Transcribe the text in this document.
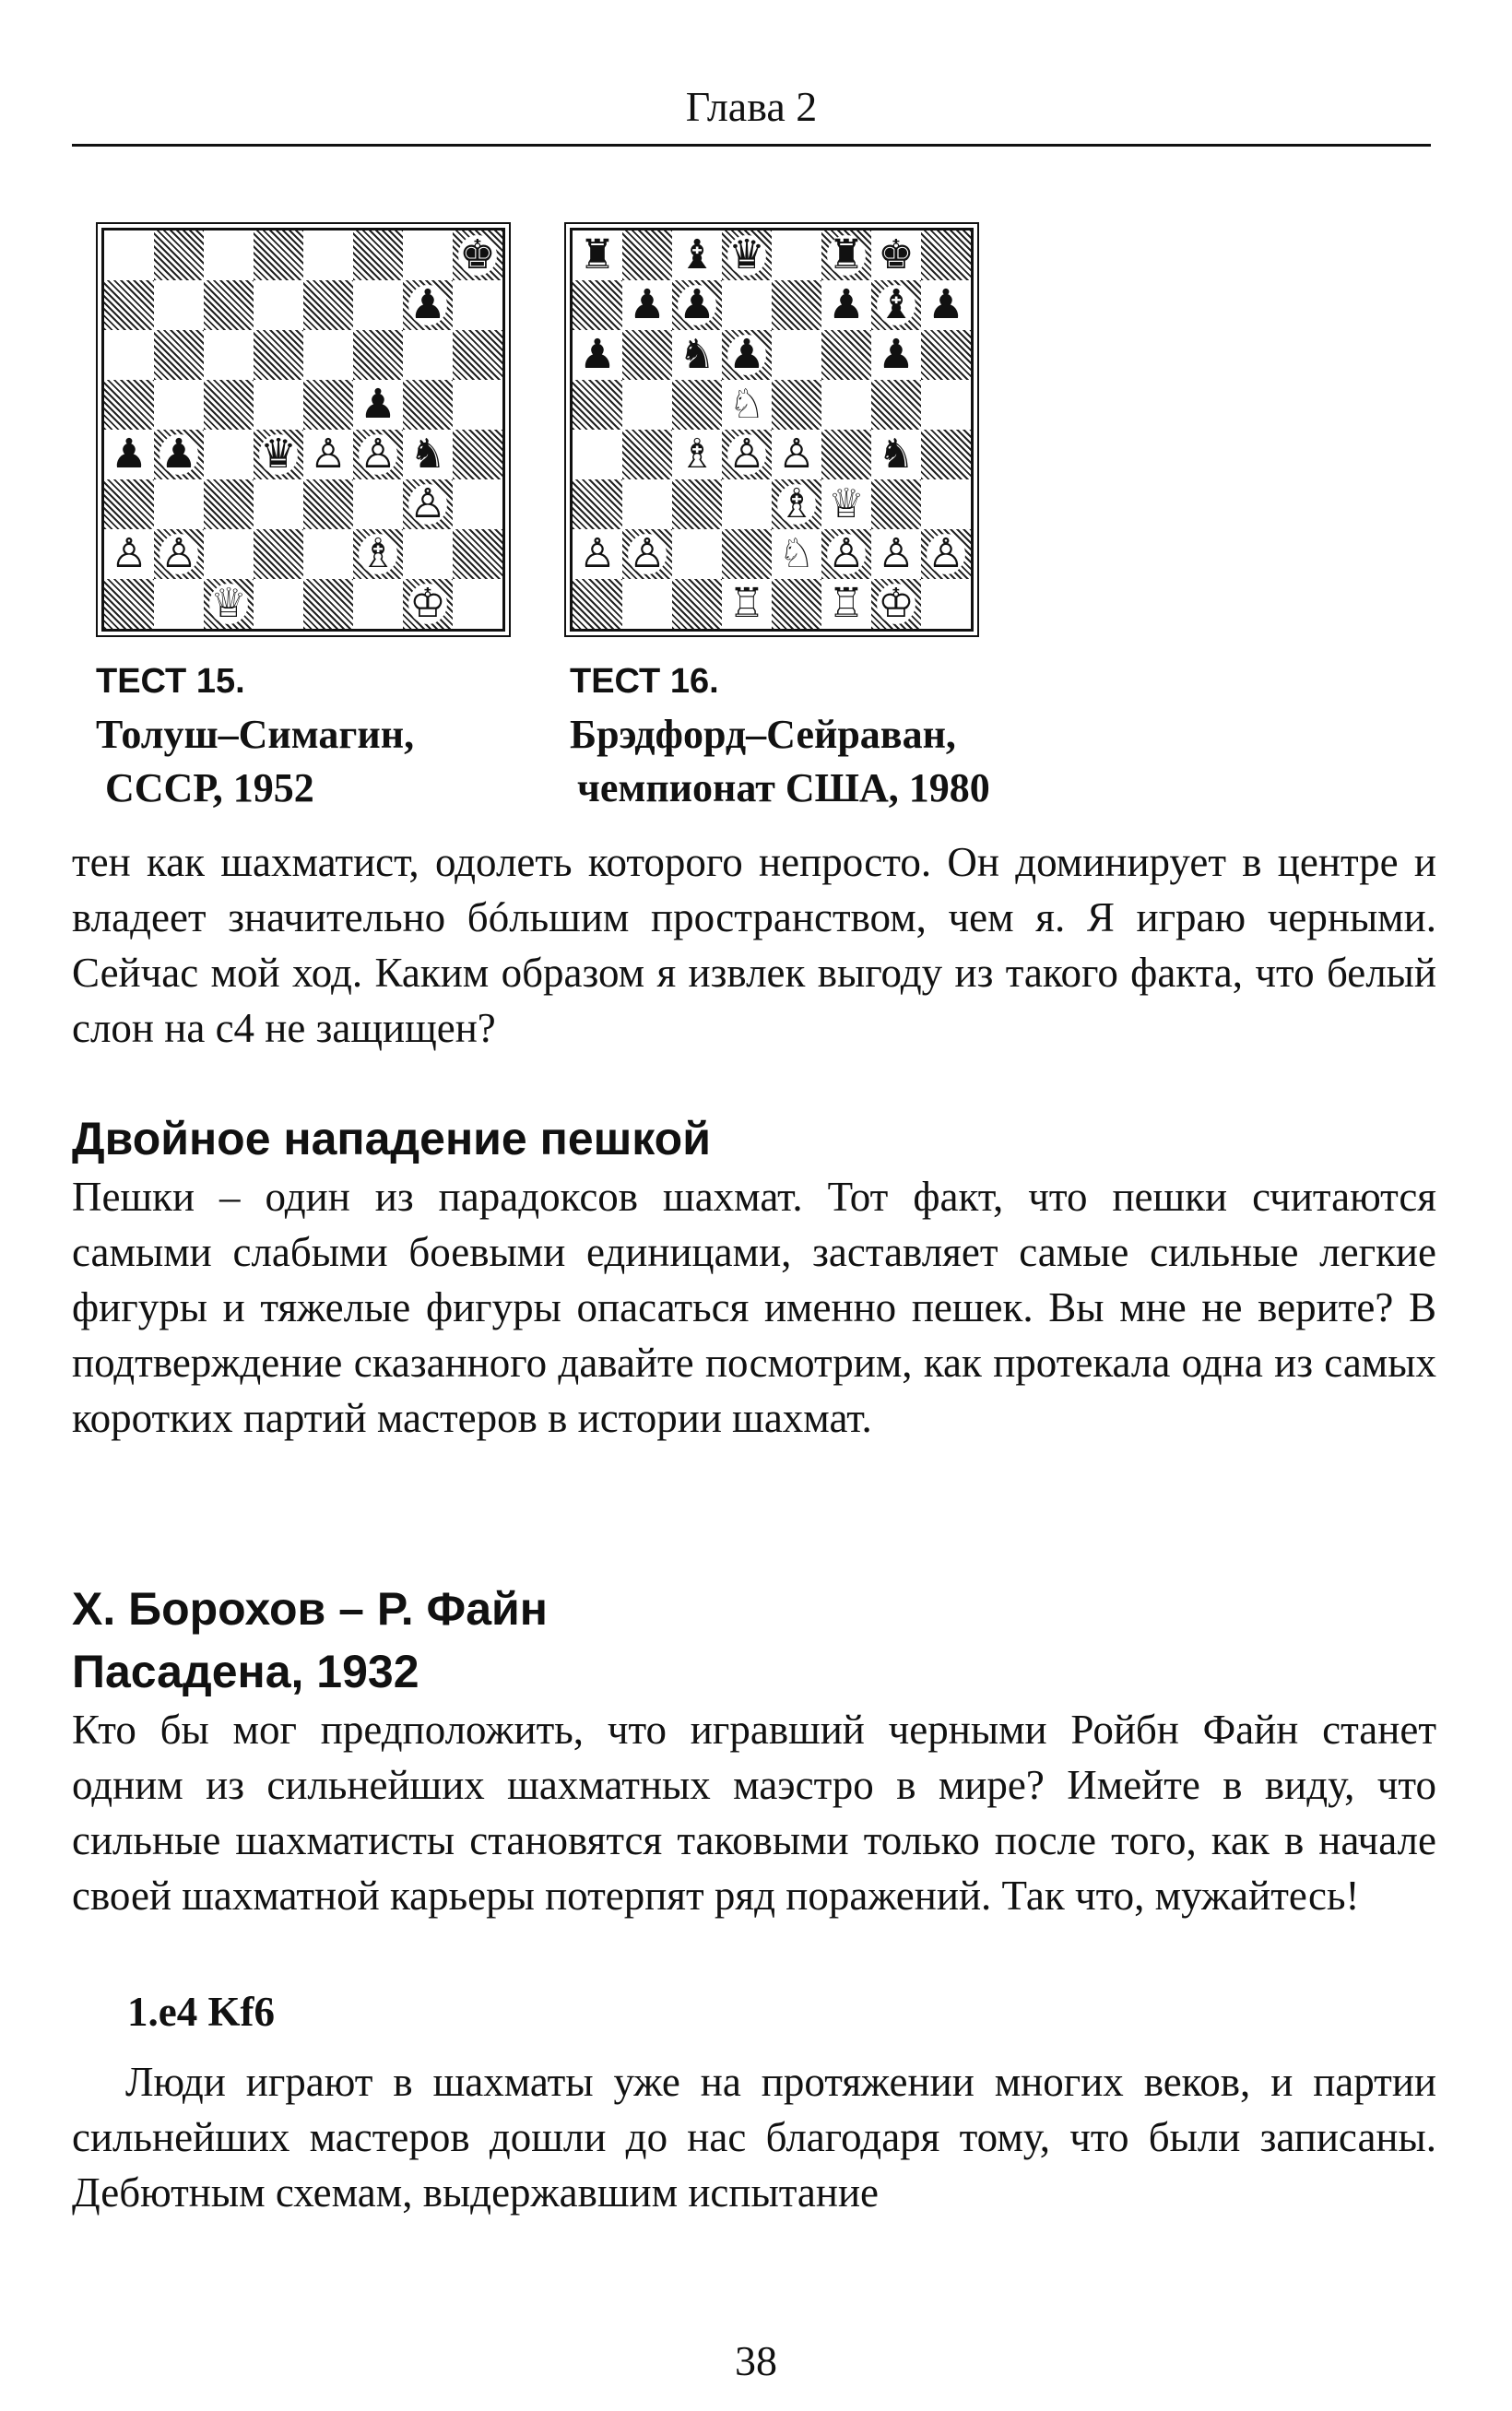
Глава 2
♚
♟
♟
♟ ♟ ♛ ♙ ♙ ♞
♙
♙ ♙	♗
♕	♔
♜ ♝ ♛ ♜ ♚
♟ ♟	♟ ♝ ♟
♟ ♞ ♟	♟
♘
♗ ♙ ♙ ♞
♗ ♕
♙ ♙	♘ ♙ ♙ ♙
♖ ♖ ♔
ТЕСТ 15.
Толуш–Симагин,
СССР, 1952
ТЕСТ 16.
Брэдфорд–Сейраван,
чемпионат США, 1980

тен как шахматист, одолеть которого непросто. Он доминирует в центре и владеет значительно бóльшим пространством, чем я. Я играю черными. Сейчас мой ход. Каким образом я извлек выгоду из такого факта, что белый слон на с4 не защищен?

Двойное нападение пешкой

Пешки – один из парадоксов шахмат. Тот факт, что пешки считаются самыми слабыми боевыми единицами, заставляет самые сильные легкие фигуры и тяжелые фигуры опасаться именно пешек. Вы мне не верите? В подтверждение сказанного давайте посмотрим, как протекала одна из самых коротких партий мастеров в истории шахмат.

Х. Борохов – Р. Файн
Пасадена, 1932

Кто бы мог предположить, что игравший черными Ройбн Файн станет одним из сильнейших шахматных маэстро в мире? Имейте в виду, что сильные шахматисты становятся таковыми только после того, как в начале своей шахматной карьеры потерпят ряд поражений. Так что, мужайтесь!

1.e4 Kf6

Люди играют в шахматы уже на протяжении многих веков, и партии сильнейших мастеров дошли до нас благодаря тому, что были записаны. Дебютным схемам, выдержавшим испытание

38
